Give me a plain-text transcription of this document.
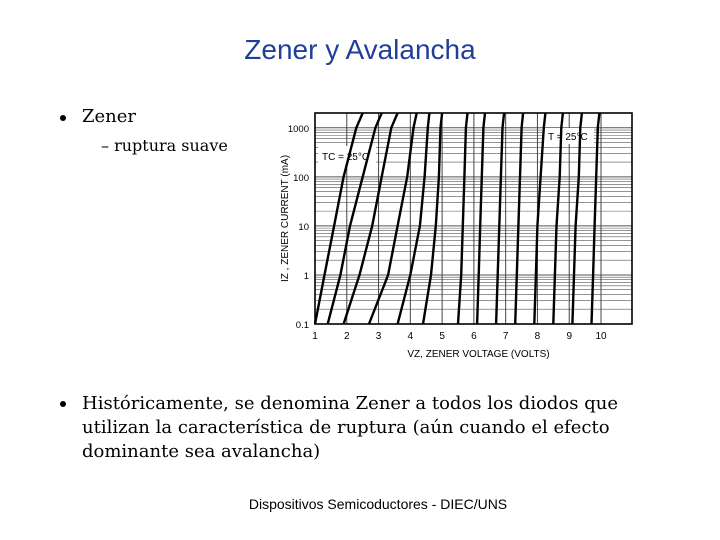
Zener y Avalancha
Zener
– ruptura suave
1	2	3	4	5	6	7	8	9 10
0.1
1
10
100
1000
VZ, ZENER VOLTAGE (VOLTS)
IZ , ZENER CURRENT (mA)	TC = 25°C
T = 25°C
Históricamente, se denomina Zener a todos los diodos que utilizan la característica de ruptura (aún cuando el efecto dominante sea avalancha)
Dispositivos Semicoductores - DIEC/UNS
